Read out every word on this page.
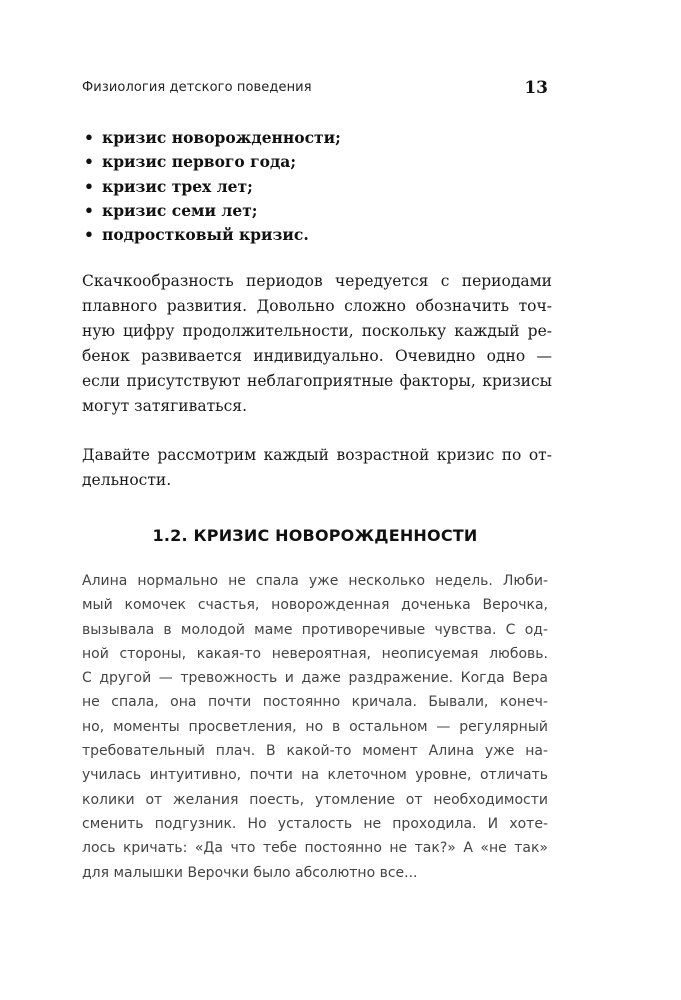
Физиология детского поведения	13
• кризис новорожденности;
• кризис первого года;
• кризис трех лет;
• кризис семи лет;
• подростковый кризис.

Скачкообразность периодов чередуется с периодами
плавного развития. Довольно сложно обозначить точ-
ную цифру продолжительности, поскольку каждый ре-
бенок развивается индивидуально. Очевидно одно —
если присутствуют неблагоприятные факторы, кризисы
могут затягиваться.

Давайте рассмотрим каждый возрастной кризис по от-
дельности.

1.2. КРИЗИС НОВОРОЖДЕННОСТИ

Алина нормально не спала уже несколько недель. Люби-
мый комочек счастья, новорожденная доченька Верочка,
вызывала в молодой маме противоречивые чувства. С од-
ной стороны, какая-то невероятная, неописуемая любовь.
С другой — тревожность и даже раздражение. Когда Вера
не спала, она почти постоянно кричала. Бывали, конеч-
но, моменты просветления, но в остальном — регулярный
требовательный плач. В какой-то момент Алина уже на-
училась интуитивно, почти на клеточном уровне, отличать
колики от желания поесть, утомление от необходимости
сменить подгузник. Но усталость не проходила. И хоте-
лось кричать: «Да что тебе постоянно не так?» А «не так»
для малышки Верочки было абсолютно все...
